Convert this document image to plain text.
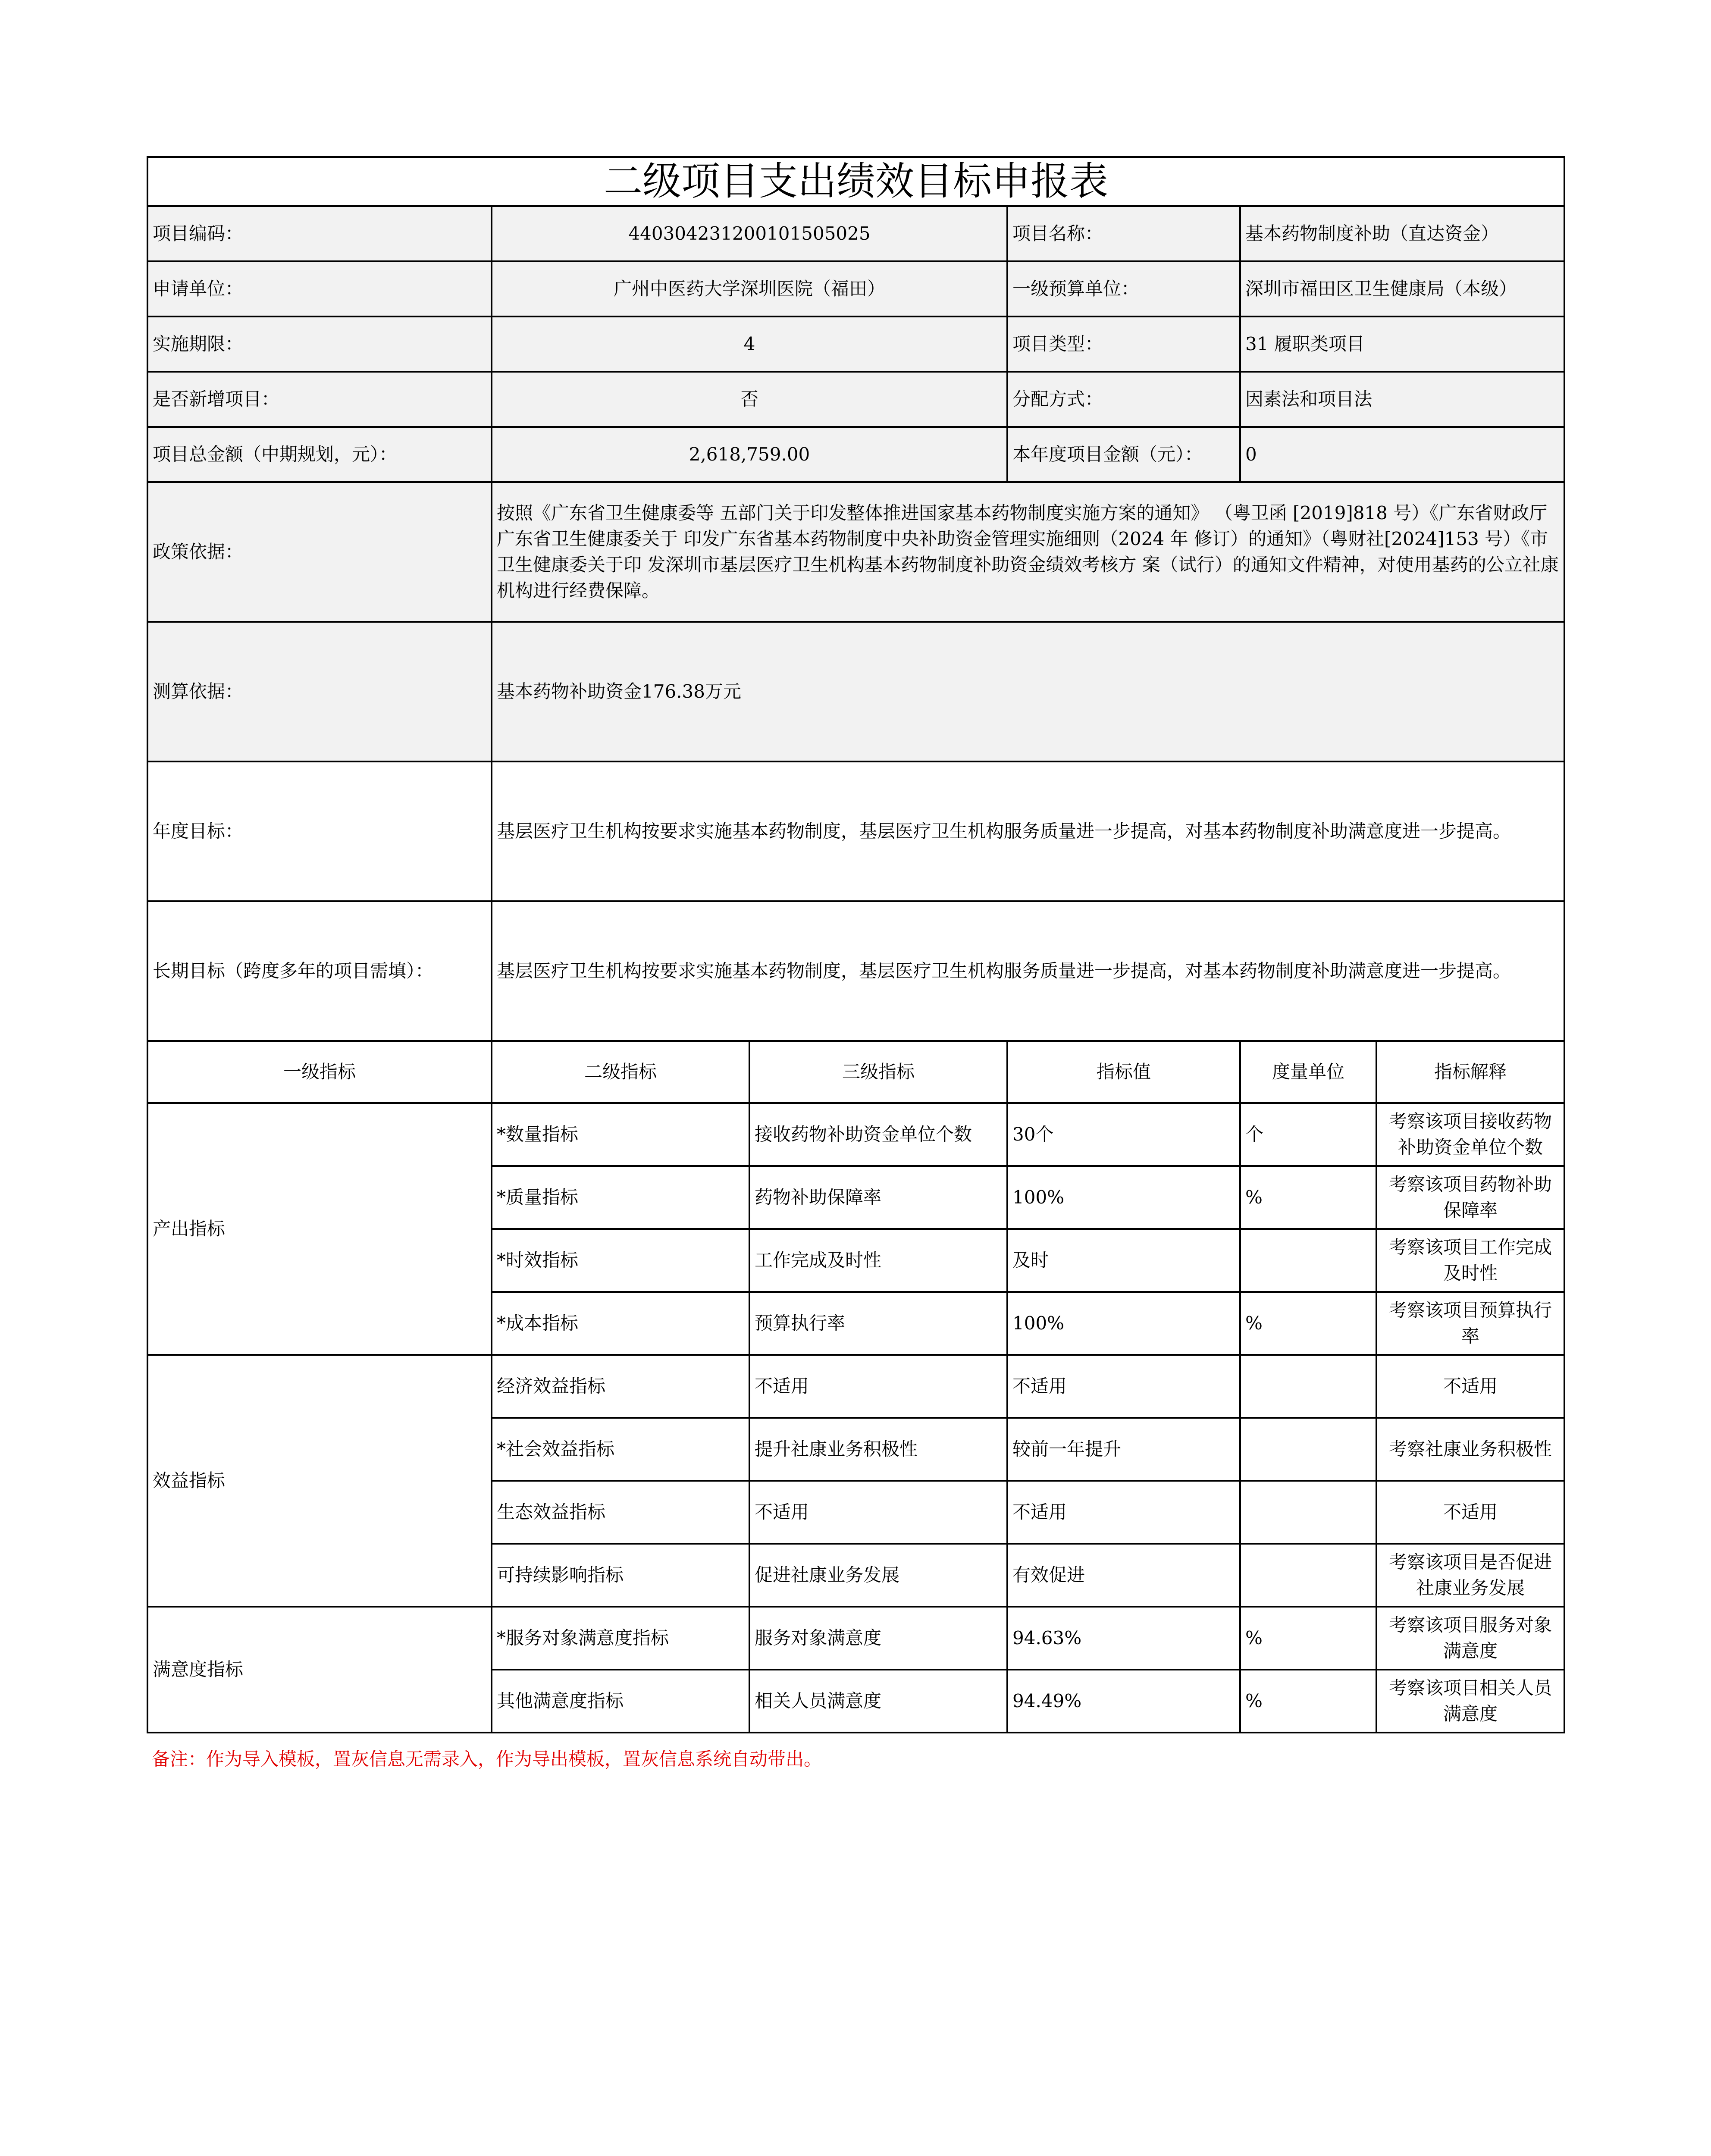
二级项目支出绩效目标申报表					
项目编码：	440304231200101505025		项目名称：	基本药物制度补助（直达资金）	
申请单位：	广州中医药大学深圳医院（福田）		一级预算单位：	深圳市福田区卫生健康局（本级）	
实施期限：	4		项目类型：	31 履职类项目	
是否新增项目：	否		分配方式：	因素法和项目法	
项目总金额（中期规划，元）：	2,618,759.00		本年度项目金额（元）：	0	
政策依据：	按照《广东省卫生健康委等 五部门关于印发整体推进国家基本药物制度实施方案的通知》 （粤卫函 [2019]818 号）《广东省财政厅广东省卫生健康委关于 印发广东省基本药物制度中央补助资金管理实施细则（2024 年 修订）的通知》（粤财社[2024]153 号）《市卫生健康委关于印 发深圳市基层医疗卫生机构基本药物制度补助资金绩效考核方 案（试行）的通知文件精神，对使用基药的公立社康机构进行经费保障。				
测算依据：	基本药物补助资金176.38万元				
年度目标：	基层医疗卫生机构按要求实施基本药物制度，基层医疗卫生机构服务质量进一步提高，对基本药物制度补助满意度进一步提高。				
长期目标（跨度多年的项目需填）：	基层医疗卫生机构按要求实施基本药物制度，基层医疗卫生机构服务质量进一步提高，对基本药物制度补助满意度进一步提高。				
一级指标	二级指标	三级指标	指标值	度量单位	指标解释
产出指标	*数量指标	接收药物补助资金单位个数	30个	个	考察该项目接收药物补助资金单位个数
	*质量指标	药物补助保障率	100%	%	考察该项目药物补助保障率
	*时效指标	工作完成及时性	及时		考察该项目工作完成及时性
	*成本指标	预算执行率	100%	%	考察该项目预算执行率
效益指标	经济效益指标	不适用	不适用		不适用
	*社会效益指标	提升社康业务积极性	较前一年提升		考察社康业务积极性
	生态效益指标	不适用	不适用		不适用
	可持续影响指标	促进社康业务发展	有效促进		考察该项目是否促进社康业务发展
满意度指标	*服务对象满意度指标	服务对象满意度	94.63%	%	考察该项目服务对象满意度
	其他满意度指标	相关人员满意度	94.49%	%	考察该项目相关人员满意度
备注：作为导入模板，置灰信息无需录入，作为导出模板，置灰信息系统自动带出。
